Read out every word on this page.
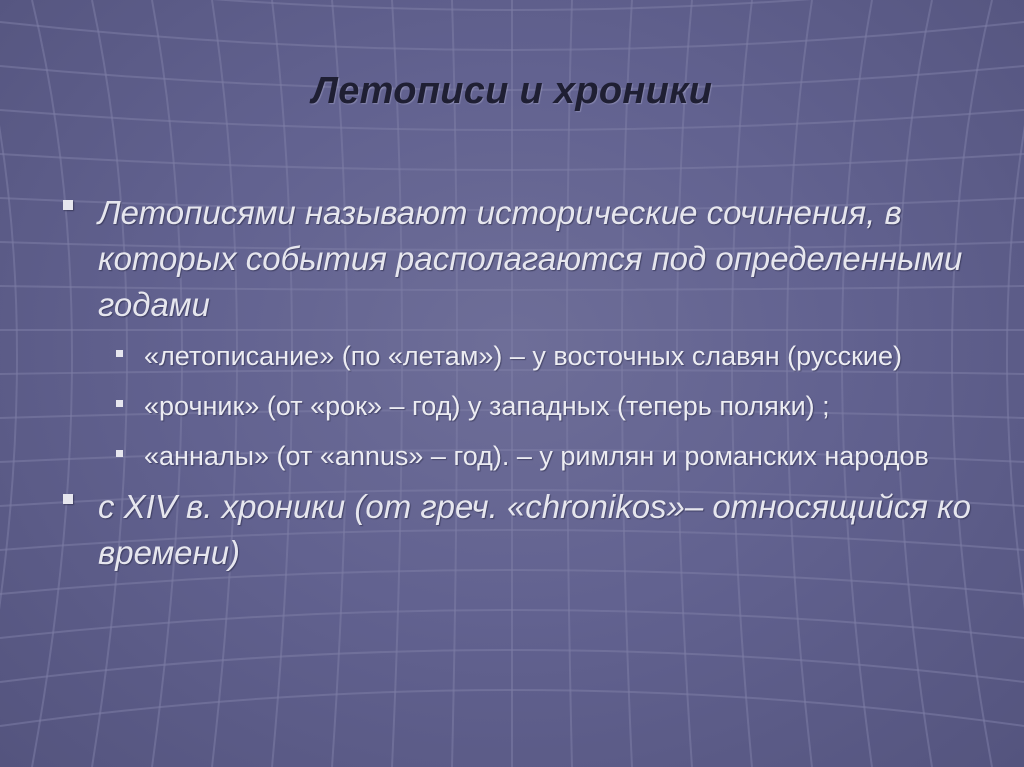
Летописи и хроники
Летописями называют исторические сочинения, в которых события располагаются под определенными годами
«летописание» (по «летам») – у восточных славян (русские)
«рочник» (от «рок» – год) у западных (теперь поляки) ;
«анналы» (от «annus» – год). – у римлян и романских народов
с XIV в. хроники (от греч. «chronikos»– относящийся ко времени)
